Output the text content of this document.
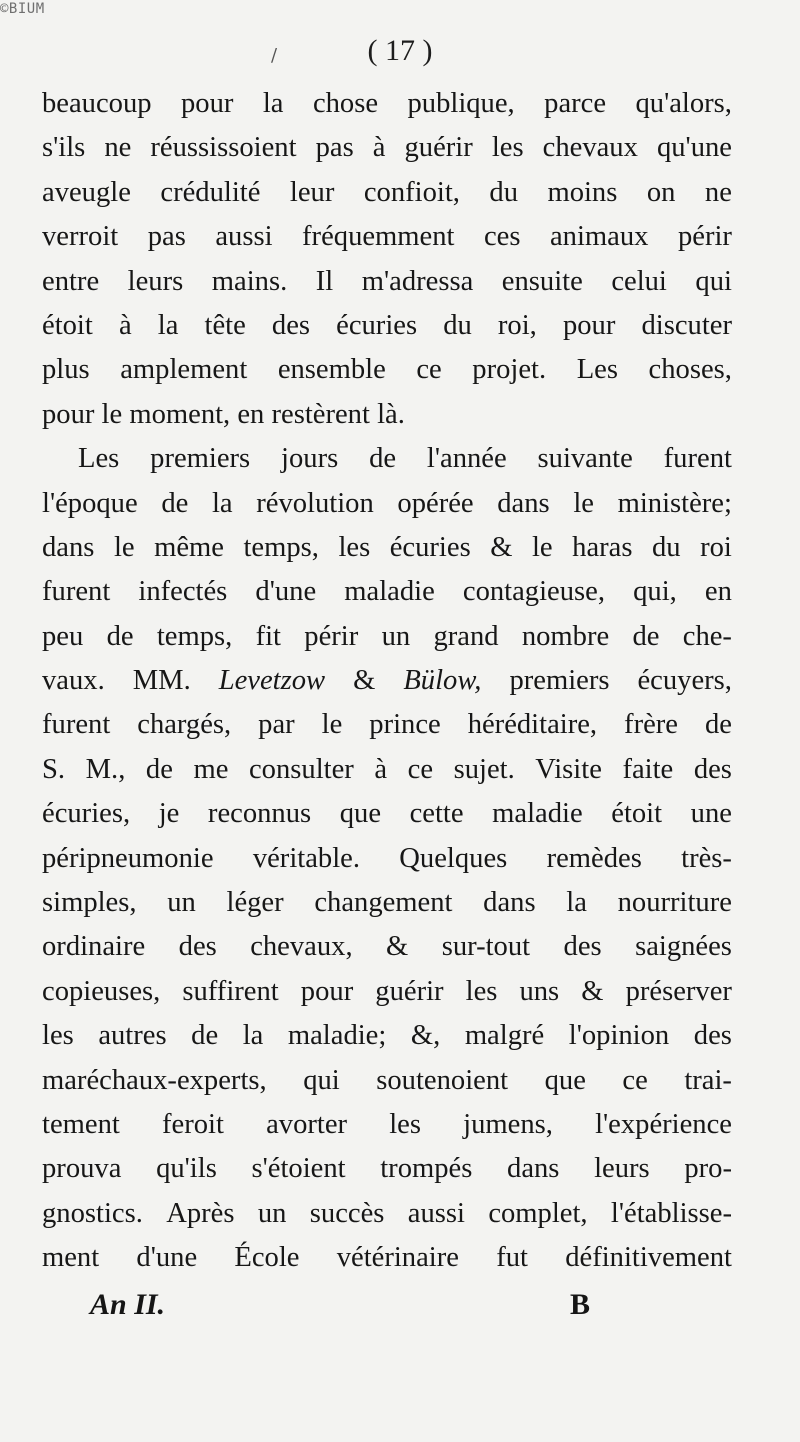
©BIUM
/	( 17 )
beaucoup pour la chose publique, parce qu'alors,
s'ils ne réussissoient pas à guérir les chevaux qu'une
aveugle crédulité leur confioit, du moins on ne
verroit pas aussi fréquemment ces animaux périr
entre leurs mains. Il m'adressa ensuite celui qui
étoit à la tête des écuries du roi, pour discuter
plus amplement ensemble ce projet. Les choses,
pour le moment, en restèrent là.
Les premiers jours de l'année suivante furent
l'époque de la révolution opérée dans le ministère;
dans le même temps, les écuries & le haras du roi
furent infectés d'une maladie contagieuse, qui, en
peu de temps, fit périr un grand nombre de che-
vaux. MM. Levetzow & Bülow, premiers écuyers,
furent chargés, par le prince héréditaire, frère de
S. M., de me consulter à ce sujet. Visite faite des
écuries, je reconnus que cette maladie étoit une
péripneumonie véritable. Quelques remèdes très-
simples, un léger changement dans la nourriture
ordinaire des chevaux, & sur-tout des saignées
copieuses, suffirent pour guérir les uns & préserver
les autres de la maladie; &, malgré l'opinion des
maréchaux-experts, qui soutenoient que ce trai-
tement feroit avorter les jumens, l'expérience
prouva qu'ils s'étoient trompés dans leurs pro-
gnostics. Après un succès aussi complet, l'établisse-
ment d'une École vétérinaire fut définitivement
An II.	B
